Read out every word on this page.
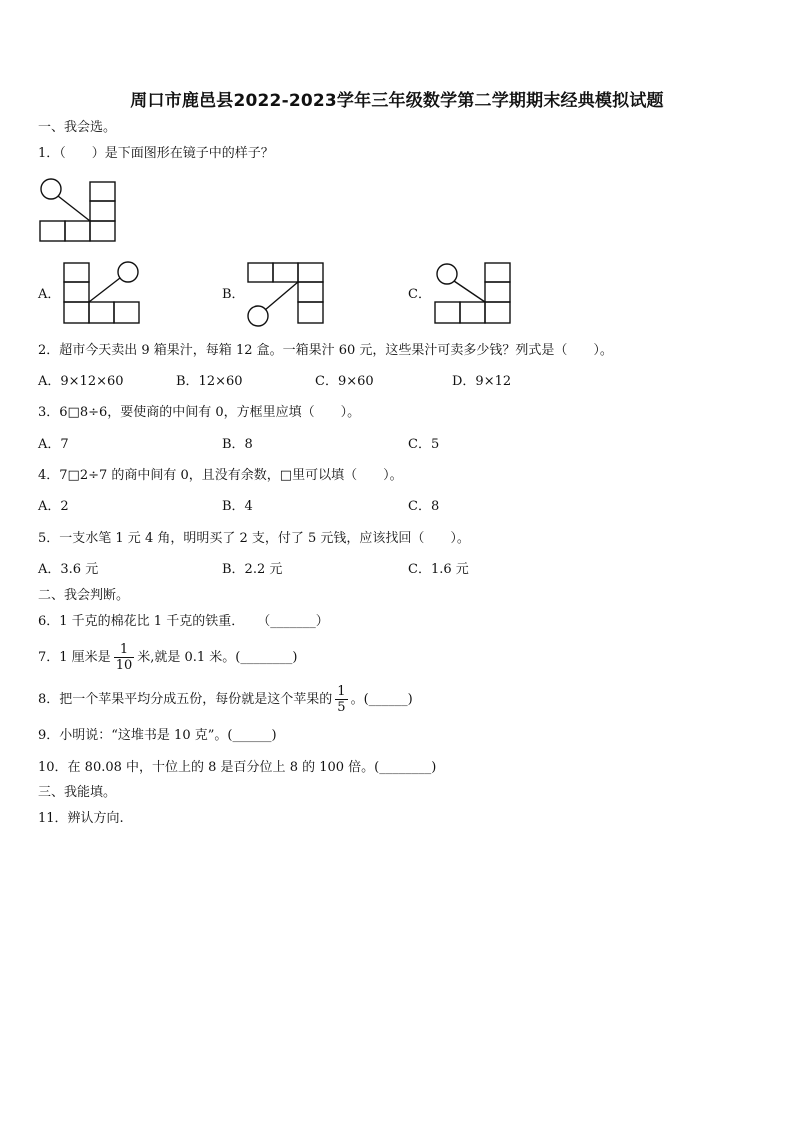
周口市鹿邑县2022-2023学年三年级数学第二学期期末经典模拟试题
一、我会选。
1．（　　）是下面图形在镜子中的样子？
A．	B．	C．
2．超市今天卖出 9 箱果汁，每箱 12 盒。一箱果汁 60 元，这些果汁可卖多少钱？列式是（　　）。
A．9×12×60	B．12×60	C．9×60	D．9×12
3．6□8÷6，要使商的中间有 0，方框里应填（　　）。
A．7	B．8	C．5
4．7□2÷7 的商中间有 0，且没有余数，□里可以填（　　）。
A．2	B．4	C．8
5．一支水笔 1 元 4 角，明明买了 2 支，付了 5 元钱，应该找回（　　）。
A．3.6 元	B．2.2 元	C．1.6 元
二、我会判断。
6．1 千克的棉花比 1 千克的铁重．　　（_______）
7．1 厘米是 $\frac{1}{10}$ 米,就是 0.1 米。(________)
8．把一个苹果平均分成五份，每份就是这个苹果的 $\frac{1}{5}$ 。(______)
9．小明说：“这堆书是 10 克”。(______)
10．在 80.08 中，十位上的 8 是百分位上 8 的 100 倍。(________)
三、我能填。
11．辨认方向.
